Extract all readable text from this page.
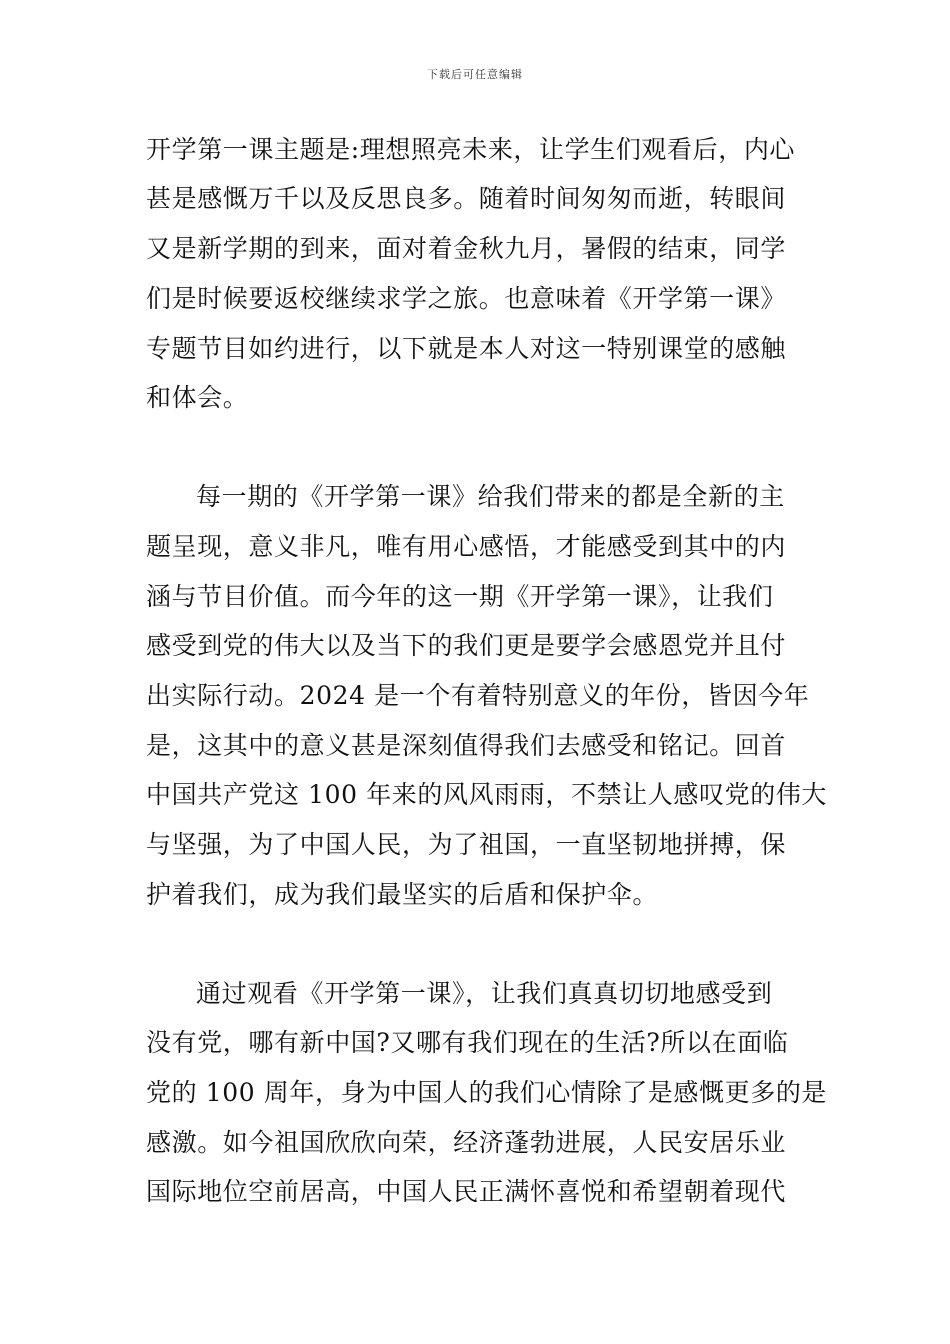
下载后可任意编辑
开学第一课主题是:理想照亮未来，让学生们观看后，内心
甚是感慨万千以及反思良多。随着时间匆匆而逝，转眼间
又是新学期的到来，面对着金秋九月，暑假的结束，同学
们是时候要返校继续求学之旅。也意味着《开学第一课》
专题节目如约进行，以下就是本人对这一特别课堂的感触
和体会。
每一期的《开学第一课》给我们带来的都是全新的主
题呈现，意义非凡，唯有用心感悟，才能感受到其中的内
涵与节目价值。而今年的这一期《开学第一课》，让我们
感受到党的伟大以及当下的我们更是要学会感恩党并且付
出实际行动。2024 是一个有着特别意义的年份，皆因今年
是，这其中的意义甚是深刻值得我们去感受和铭记。回首
中国共产党这 100 年来的风风雨雨，不禁让人感叹党的伟大
与坚强，为了中国人民，为了祖国，一直坚韧地拼搏，保
护着我们，成为我们最坚实的后盾和保护伞。
通过观看《开学第一课》，让我们真真切切地感受到
没有党，哪有新中国?又哪有我们现在的生活?所以在面临
党的 100 周年，身为中国人的我们心情除了是感慨更多的是
感激。如今祖国欣欣向荣，经济蓬勃进展，人民安居乐业
国际地位空前居高，中国人民正满怀喜悦和希望朝着现代
